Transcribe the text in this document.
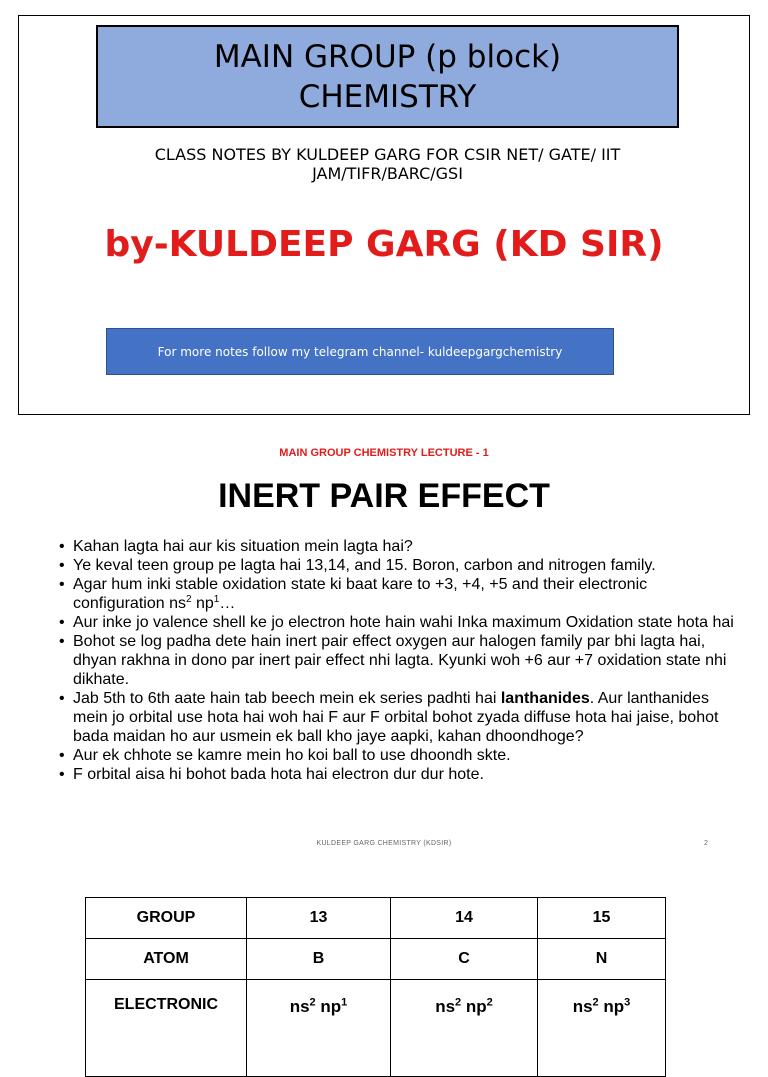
MAIN GROUP (p block)
CHEMISTRY
CLASS NOTES BY KULDEEP GARG FOR CSIR NET/ GATE/ IIT
JAM/TIFR/BARC/GSI
by-KULDEEP GARG (KD SIR)
For more notes follow my telegram channel- kuldeepgargchemistry
MAIN GROUP CHEMISTRY LECTURE - 1
INERT PAIR EFFECT
• Kahan lagta hai aur kis situation mein lagta hai?
• Ye keval teen group pe lagta hai 13,14, and 15. Boron, carbon and nitrogen family.
• Agar hum inki stable oxidation state ki baat kare to +3, +4, +5 and their electronic
configuration $ns^2$ $np^1\dots$
• Aur inke jo valence shell ke jo electron hote hain wahi Inka maximum Oxidation state hota hai
• Bohot se log padha dete hain inert pair effect oxygen aur halogen family par bhi lagta hai, dhyan rakhna in dono par inert pair effect nhi lagta. Kyunki woh +6 aur +7 oxidation state nhi dikhate.
• Jab 5th to 6th aate hain tab beech mein ek series padhti hai lanthanides. Aur lanthanides mein jo orbital use hota hai woh hai F aur F orbital bohot zyada diffuse hota hai jaise, bohot bada maidan ho aur usmein ek ball kho jaye aapki, kahan dhoondhoge?
• Aur ek chhote se kamre mein ho koi ball to use dhoondh skte.
• F orbital aisa hi bohot bada hota hai electron dur dur hote.
KULDEEP GARG CHEMISTRY (KDSIR)	2
GROUP	13	14	15
ATOM	B	C	N
ELECTRONIC	$ns^2$ $np^1$	$ns^2$ $np^2$	$ns^2$ $np^3$
